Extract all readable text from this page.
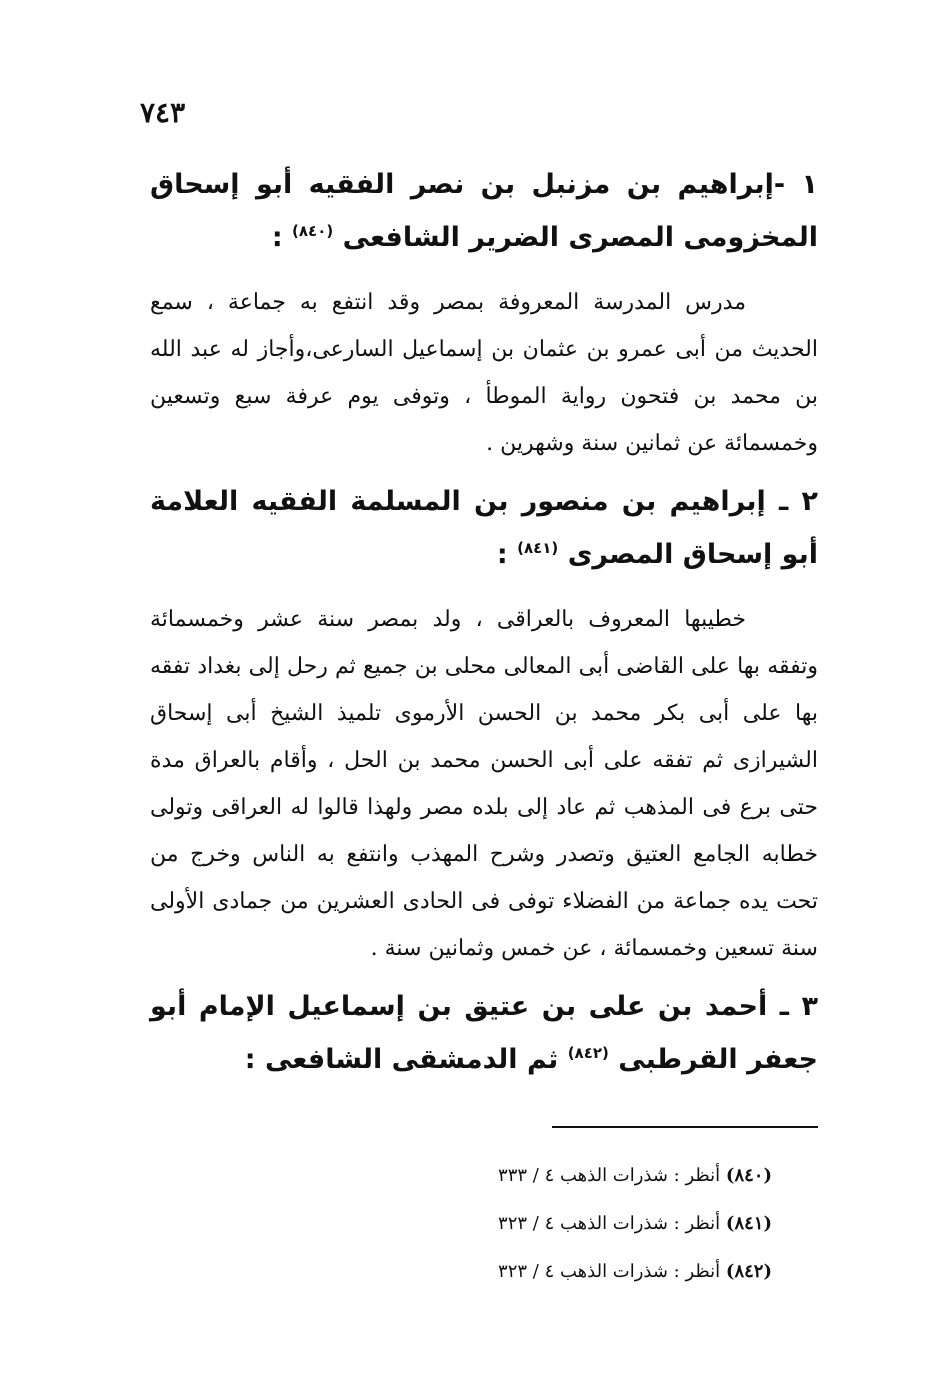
٧٤٣
١ -إبراهيم بن مزنبل بن نصر الفقيه أبو إسحاق المخزومى المصرى الضرير الشافعى $^{(٨٤٠)}$ :

مدرس المدرسة المعروفة بمصر وقد انتفع به جماعة ، سمع الحديث من أبى عمرو بن عثمان بن إسماعيل السارعى،وأجاز له عبد الله بن محمد بن فتحون رواية الموطأ ، وتوفى يوم عرفة سبع وتسعين وخمسمائة عن ثمانين سنة وشهرين .

٢ ـ إبراهيم بن منصور بن المسلمة الفقيه العلامة أبو إسحاق المصرى $^{(٨٤١)}$ :

خطيبها المعروف بالعراقى ، ولد بمصر سنة عشر وخمسمائة وتفقه بها على القاضى أبى المعالى محلى بن جميع ثم رحل إلى بغداد تفقه بها على أبى بكر محمد بن الحسن الأرموى تلميذ الشيخ أبى إسحاق الشيرازى ثم تفقه على أبى الحسن محمد بن الحل ، وأقام بالعراق مدة حتى برع فى المذهب ثم عاد إلى بلده مصر ولهذا قالوا له العراقى وتولى خطابه الجامع العتيق وتصدر وشرح المهذب وانتفع به الناس وخرج من تحت يده جماعة من الفضلاء توفى فى الحادى العشرين من جمادى الأولى سنة تسعين وخمسمائة ، عن خمس وثمانين سنة .

٣ ـ أحمد بن على بن عتيق بن إسماعيل الإمام أبو جعفر القرطبى $^{(٨٤٢)}$ ثم الدمشقى الشافعى :
(٨٤٠) أنظر : شذرات الذهب ٤ / ٣٣٣
(٨٤١) أنظر : شذرات الذهب ٤ / ٣٢٣
(٨٤٢) أنظر : شذرات الذهب ٤ / ٣٢٣
